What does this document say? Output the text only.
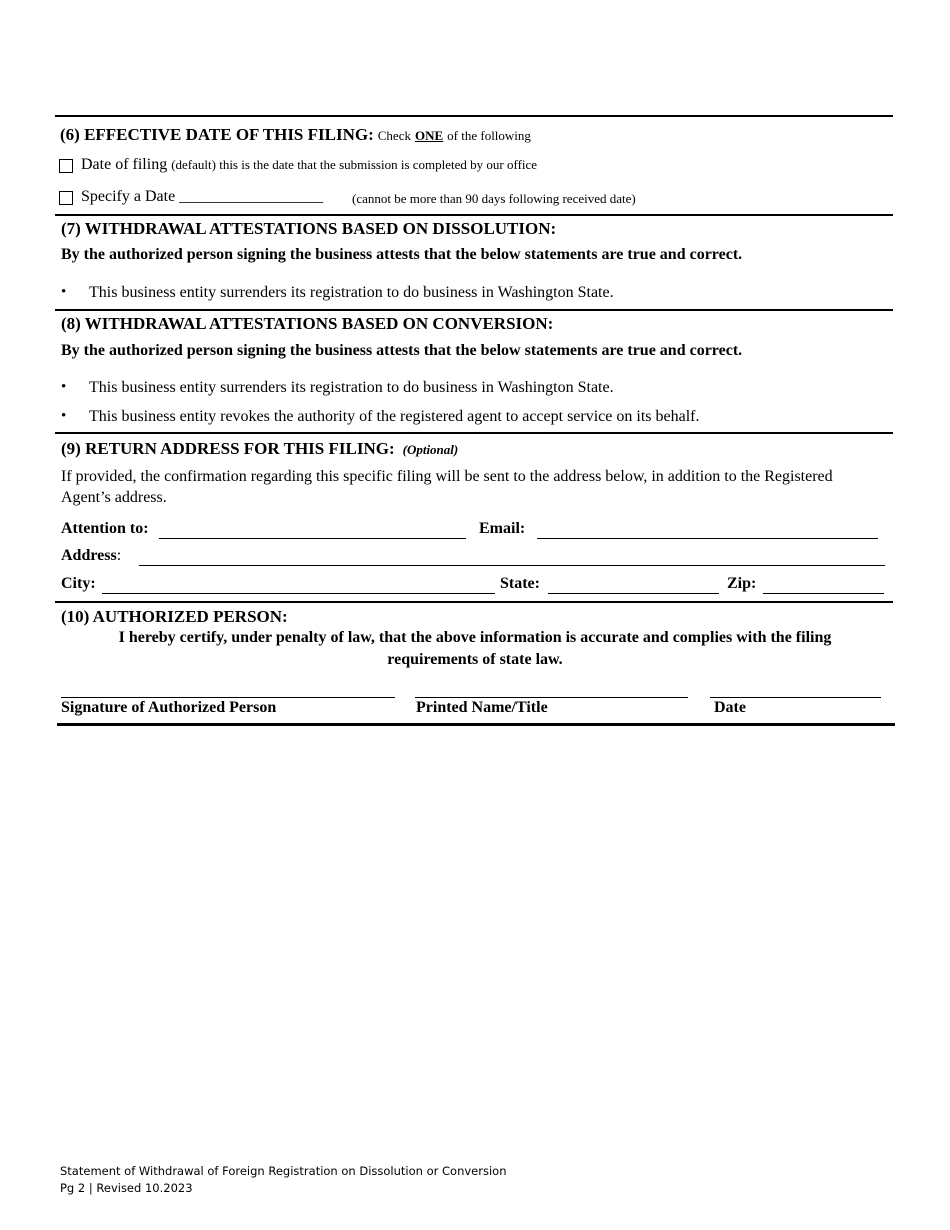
(6) EFFECTIVE DATE OF THIS FILING: Check ONE of the following
Date of filing (default) this is the date that the submission is completed by our office
Specify a Date __________________ (cannot be more than 90 days following received date)
(7) WITHDRAWAL ATTESTATIONS BASED ON DISSOLUTION:
By the authorized person signing the business attests that the below statements are true and correct.
• This business entity surrenders its registration to do business in Washington State.
(8) WITHDRAWAL ATTESTATIONS BASED ON CONVERSION:
By the authorized person signing the business attests that the below statements are true and correct.
• This business entity surrenders its registration to do business in Washington State.
• This business entity revokes the authority of the registered agent to accept service on its behalf.
(9) RETURN ADDRESS FOR THIS FILING: (Optional)
If provided, the confirmation regarding this specific filing will be sent to the address below, in addition to the Registered
Agent’s address.
Attention to:	Email:
Address:
City:	State:	Zip:
(10) AUTHORIZED PERSON:
I hereby certify, under penalty of law, that the above information is accurate and complies with the filing
requirements of state law.
Signature of Authorized Person	Printed Name/Title	Date
Statement of Withdrawal of Foreign Registration on Dissolution or Conversion
Pg 2 | Revised 10.2023
